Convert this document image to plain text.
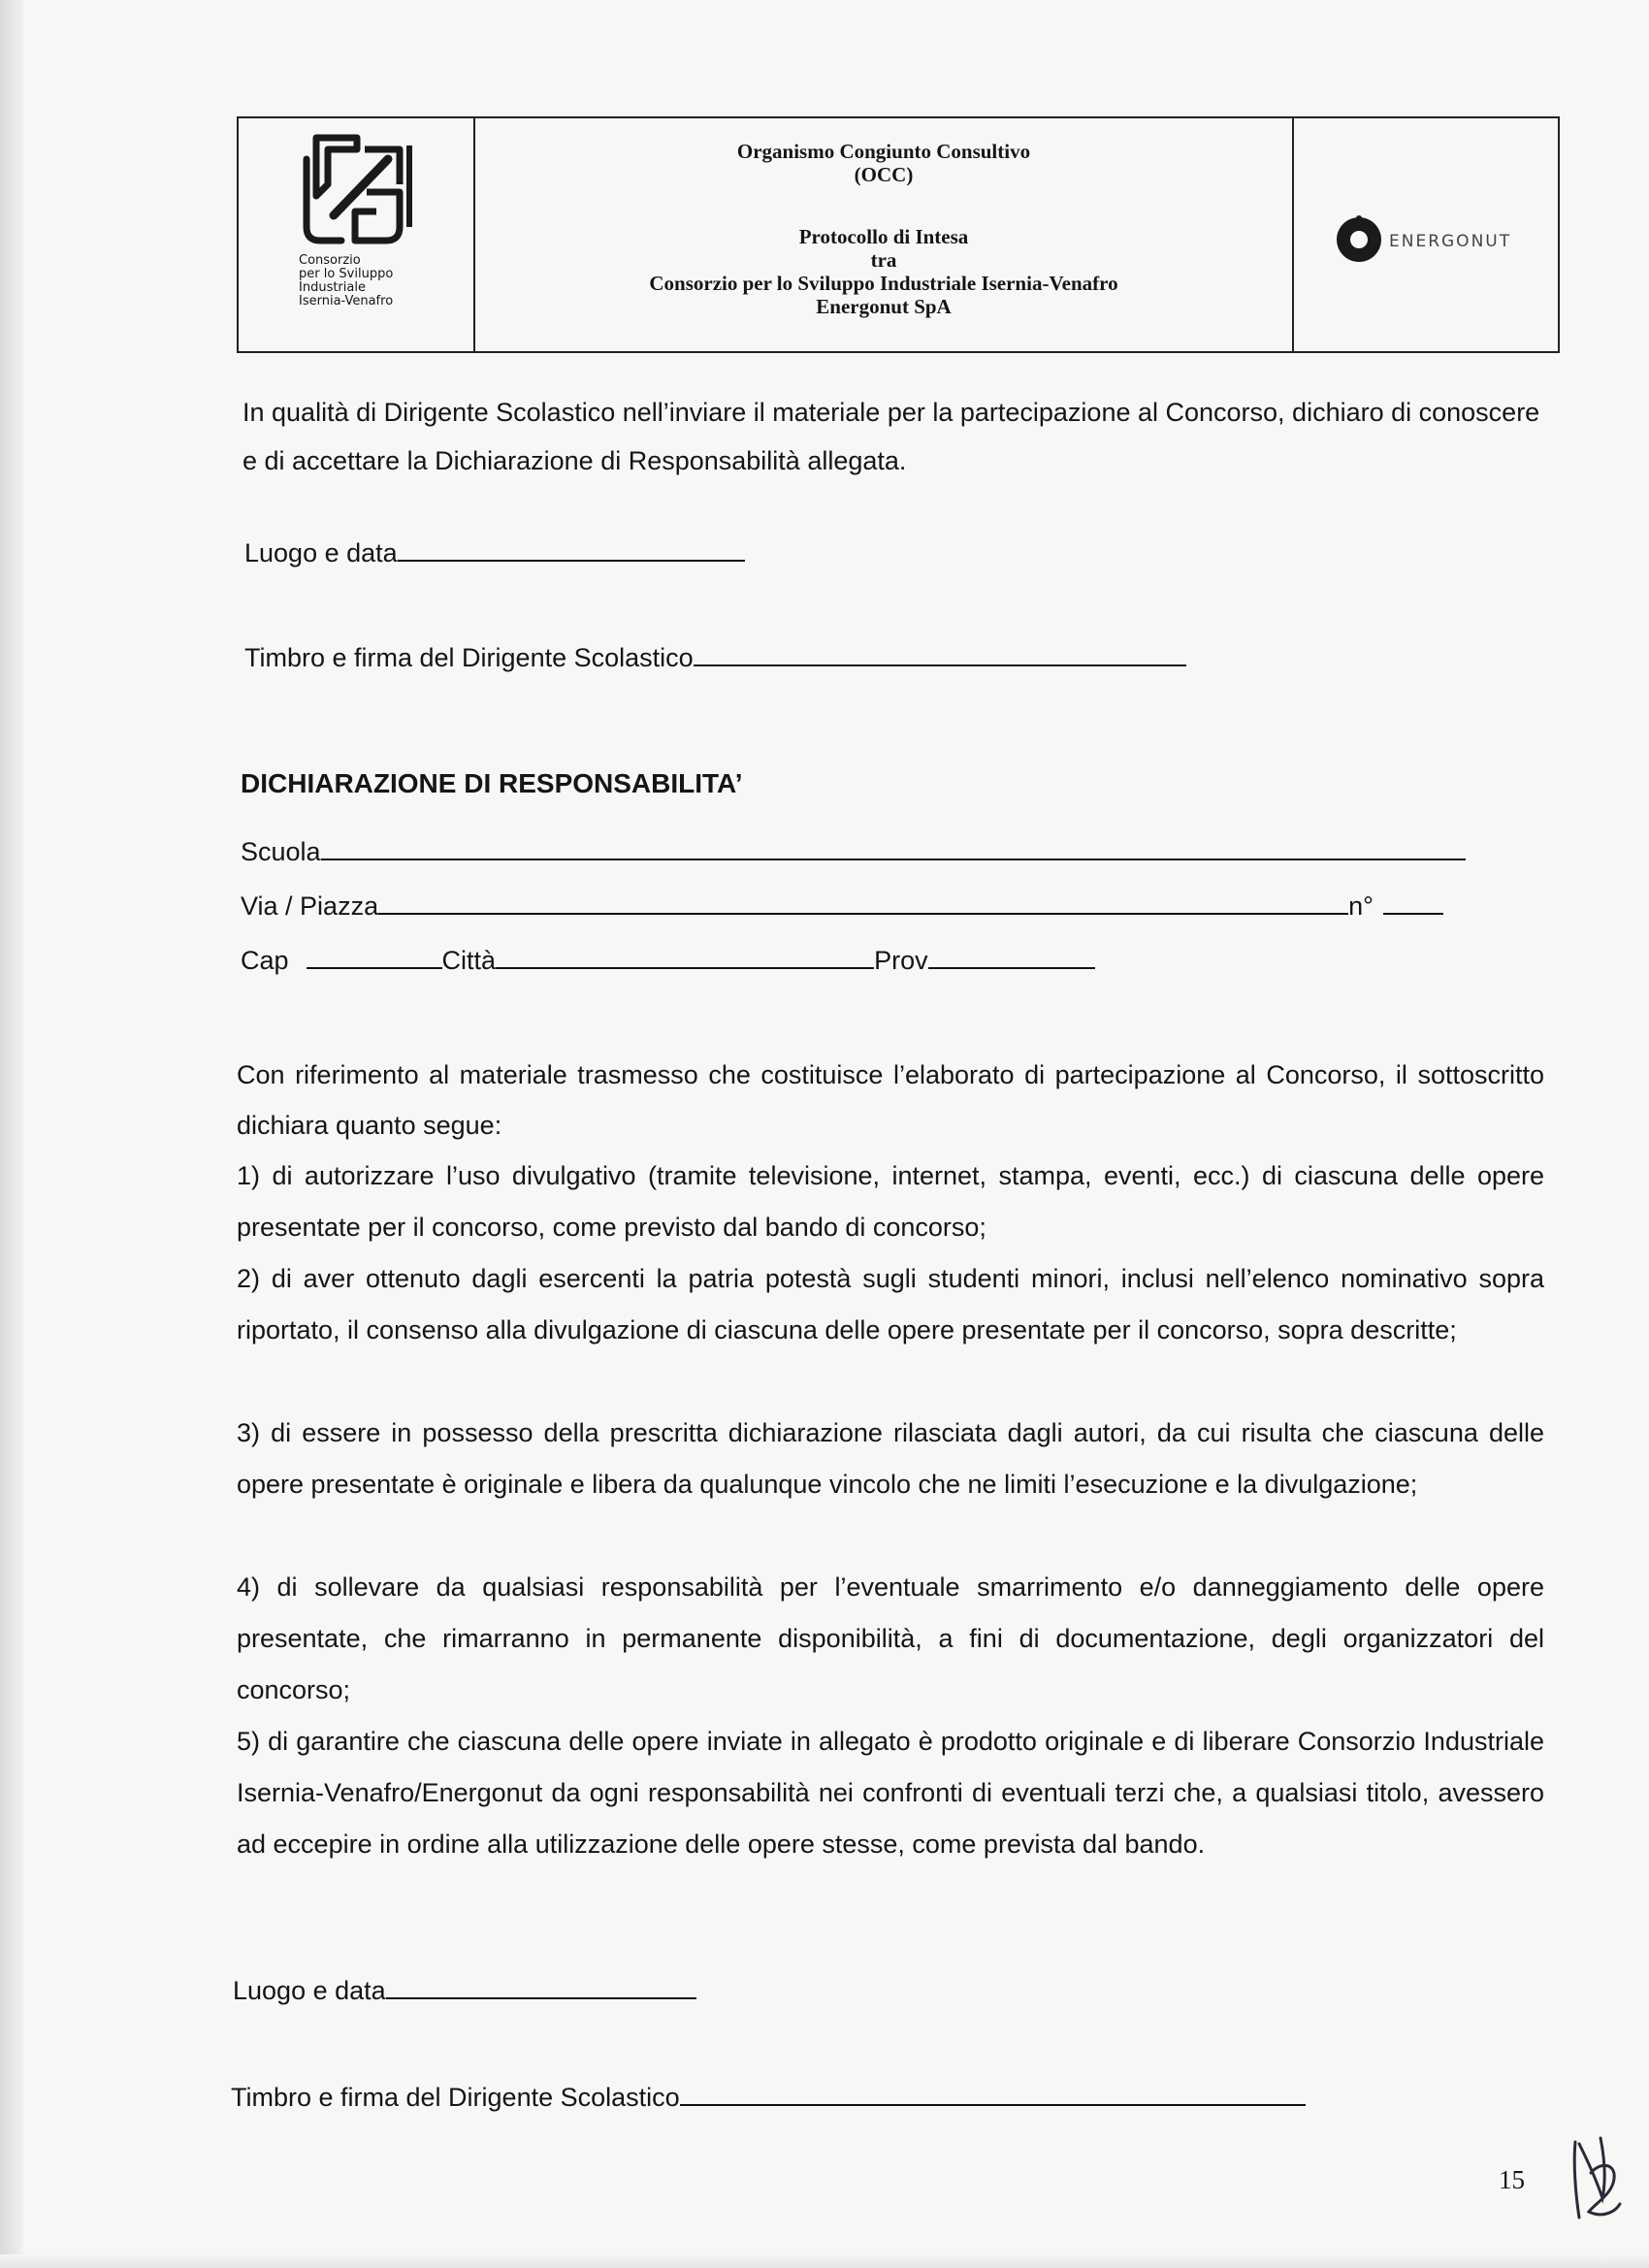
Consorzio
per lo Sviluppo
Industriale
Isernia-Venafro
Organismo Congiunto Consultivo
(OCC)
Protocollo di Intesa
tra
Consorzio per lo Sviluppo Industriale Isernia-Venafro
Energonut SpA
ENERGONUT
In qualità di Dirigente Scolastico nell’inviare il materiale per la partecipazione al Concorso, dichiaro di conoscere e di accettare la Dichiarazione di Responsabilità allegata.
Luogo e data
Timbro e firma del Dirigente Scolastico
DICHIARAZIONE DI RESPONSABILITA’
Scuola
Via / Piazza	n°
Cap	Città	Prov
Con riferimento al materiale trasmesso che costituisce l’elaborato di partecipazione al Concorso, il sottoscritto dichiara quanto segue:
1) di autorizzare l’uso divulgativo (tramite televisione, internet, stampa, eventi, ecc.) di ciascuna delle opere presentate per il concorso, come previsto dal bando di concorso;
2) di aver ottenuto dagli esercenti la patria potestà sugli studenti minori, inclusi nell’elenco nominativo sopra riportato, il consenso alla divulgazione di ciascuna delle opere presentate per il concorso, sopra descritte;
3) di essere in possesso della prescritta dichiarazione rilasciata dagli autori, da cui risulta che ciascuna delle opere presentate è originale e libera da qualunque vincolo che ne limiti l’esecuzione e la divulgazione;
4) di sollevare da qualsiasi responsabilità per l’eventuale smarrimento e/o danneggiamento delle opere presentate, che rimarranno in permanente disponibilità, a fini di documentazione, degli organizzatori del concorso;
5) di garantire che ciascuna delle opere inviate in allegato è prodotto originale e di liberare Consorzio Industriale Isernia-Venafro/Energonut da ogni responsabilità nei confronti di eventuali terzi che, a qualsiasi titolo, avessero ad eccepire in ordine alla utilizzazione delle opere stesse, come prevista dal bando.
Luogo e data
Timbro e firma del Dirigente Scolastico
15
